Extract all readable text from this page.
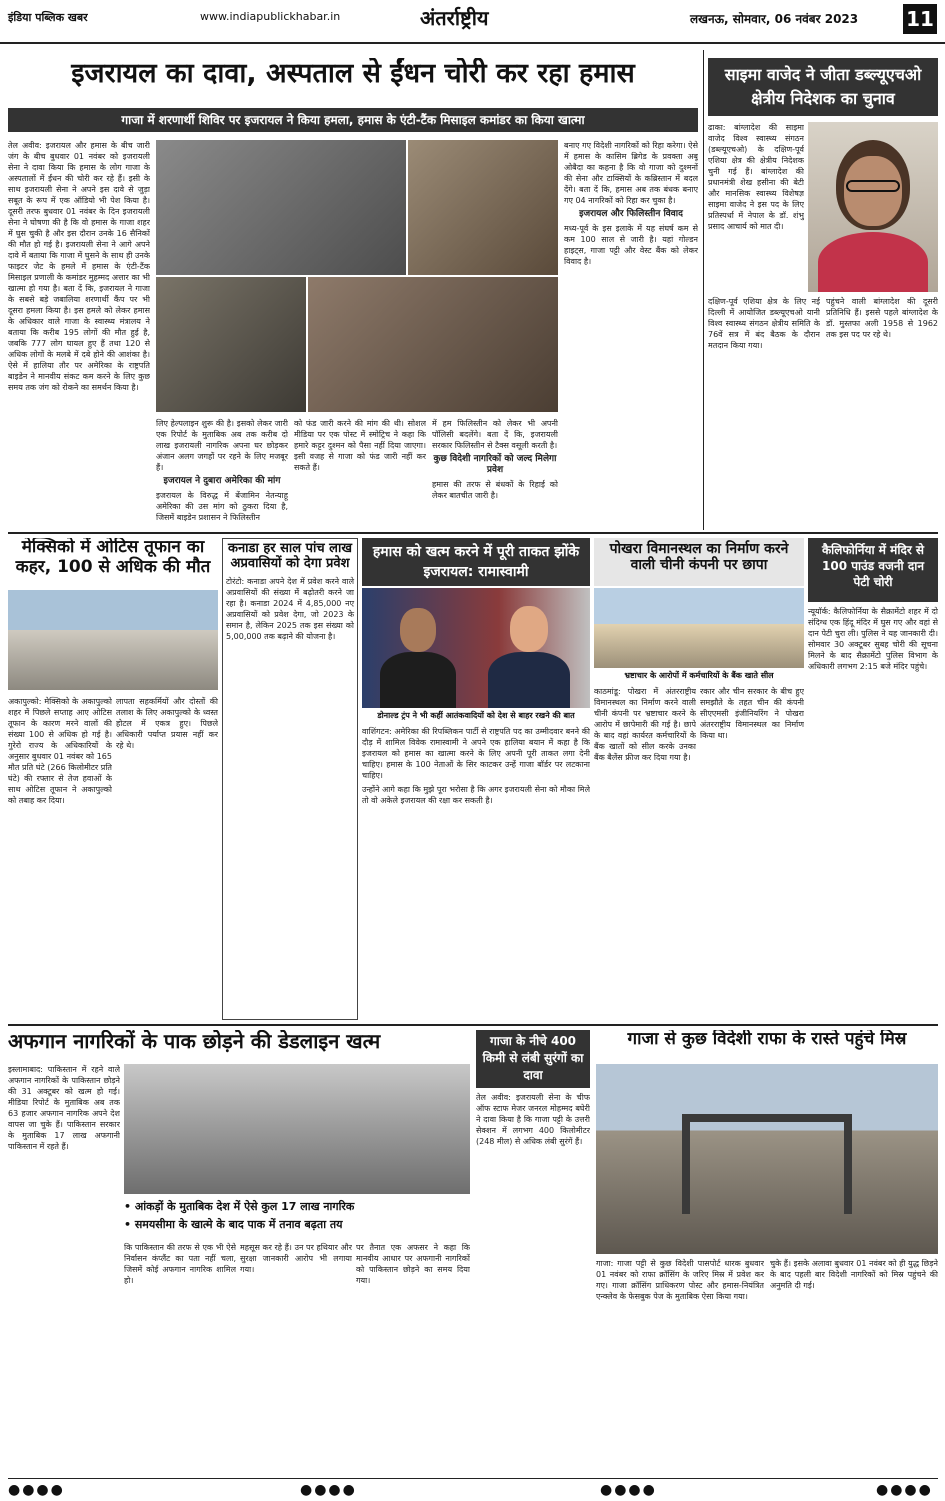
इंडिया पब्लिक खबर	www.indiapublickhabar.in	अंतर्राष्ट्रीय	लखनऊ, सोमवार, 06 नवंबर 2023 11
इजरायल का दावा, अस्पताल से ईंधन चोरी कर रहा हमास
गाजा में शरणार्थी शिविर पर इजरायल ने किया हमला, हमास के एंटी-टैंक मिसाइल कमांडर का किया खात्मा
तेल अवीव: इजरायल और हमास के बीच जारी जंग के बीच बुधवार 01 नवंबर को इजरायली सेना ने दावा किया कि हमास के लोग गाजा के अस्पतालों में ईंधन की चोरी कर रहे हैं। इसी के साथ इजरायली सेना ने अपने इस दावे से जुड़ा सबूत के रूप में एक ऑडियो भी पेश किया है। दूसरी तरफ बुधवार 01 नवंबर के दिन इजरायली सेना ने घोषणा की है कि वो हमास के गाजा शहर में घुस चुकी है और इस दौरान उनके 16 सैनिकों की मौत हो गई है। इजरायली सेना ने आगे अपने दावे में बताया कि गाजा में घुसने के साथ ही उनके फाइटर जेट के हमले में हमास के एंटी-टैंक मिसाइल प्रणाली के कमांडर मुहम्मद अत्तार का भी खात्मा हो गया है। बता दें कि, इजरायल ने गाजा के सबसे बड़े जबालिया शरणार्थी कैंप पर भी दूसरा हमला किया है। इस हमले को लेकर हमास के अधिकार वाले गाजा के स्वास्थ्य मंत्रालय ने बताया कि करीब 195 लोगों की मौत हुई है, जबकि 777 लोग घायल हुए हैं तथा 120 से अधिक लोगों के मलबे में दबे होने की आशंका है। ऐसे में हालिया तौर पर अमेरिका के राष्ट्रपति बाइडेन ने मानवीय संकट कम करने के लिए कुछ समय तक जंग को रोकने का समर्थन किया है।
लिए हेल्पलाइन शुरू की है। इसको लेकर जारी एक रिपोर्ट के मुताबिक अब तक करीब दो लाख इजरायली नागरिक अपना घर छोड़कर अंजान अलग जगहों पर रहने के लिए मजबूर हैं।
इजरायल ने दुबारा अमेरिका की मांग
इजरायल के विरुद्ध में बेंजामिन नेतन्याहू अमेरिका की उस मांग को ठुकरा दिया है, जिसमें बाइडेन प्रशासन ने फिलिस्तीन
को फंड जारी करने की मांग की थी। सोशल मीडिया पर एक पोस्ट में स्मोट्रिच ने कहा कि हमारे कट्टर दुश्मन को पैसा नहीं दिया जाएगा। इसी वजह से गाजा को फंड जारी नहीं कर सकते हैं।
में हम फिलिस्तीन को लेकर भी अपनी पॉलिसी बदलेंगे। बता दें कि, इजरायली सरकार फिलिस्तीन से टैक्स वसूली करती है।
कुछ विदेशी नागरिकों को जल्द मिलेगा प्रवेश
हमास की तरफ से बंधकों के रिहाई को लेकर बातचीत जारी है।
बनाए गए विदेशी नागरिकों को रिहा करेगा। ऐसे में हमास के कासिम ब्रिगेड के प्रवक्ता अबू ओबैदा का कहना है कि वो गाजा को दुश्मनों की सेना और टाक्सियों के कब्रिस्तान में बदल देंगे। बता दें कि, हमास अब तक बंधक बनाए गए 04 नागरिकों को रिहा कर चुका है।
इजरायल और फिलिस्तीन विवाद
मध्य-पूर्व के इस इलाके में यह संघर्ष कम से कम 100 साल से जारी है। यहां गोल्डन हाइट्स, गाजा पट्टी और वेस्ट बैंक को लेकर विवाद है।
साइमा वाजेद ने जीता डब्ल्यूएचओ क्षेत्रीय निदेशक का चुनाव
ढाका: बांग्लादेश की साइमा वाजेद विश्व स्वास्थ्य संगठन (डब्ल्यूएचओ) के दक्षिण-पूर्व एशिया क्षेत्र की क्षेत्रीय निदेशक चुनी गई हैं। बांग्लादेश की प्रधानमंत्री शेख हसीना की बेटी और मानसिक स्वास्थ्य विशेषज्ञ साइमा वाजेद ने इस पद के लिए प्रतिस्पर्धा में नेपाल के डॉ. शंभु प्रसाद आचार्य को मात दी।
दक्षिण-पूर्व एशिया क्षेत्र के लिए नई दिल्ली में आयोजित डब्ल्यूएचओ यानी विश्व स्वास्थ्य संगठन क्षेत्रीय समिति के 76वें सत्र में बंद बैठक के दौरान मतदान किया गया।
पहुंचने वाली बांग्लादेश की दूसरी प्रतिनिधि हैं। इससे पहले बांग्लादेश के डॉ. मुस्तफा अली 1958 से 1962 तक इस पद पर रहे थे।
मेक्सिको में ओटिस तूफान का कहर, 100 से अधिक की मौत
अकापुल्को: मेक्सिको के अकापुल्को शहर में पिछले सप्ताह आए ओटिस तूफान के कारण मरने वालों की संख्या 100 से अधिक हो गई है। गुरेरो राज्य के अधिकारियों के अनुसार बुधवार 01 नवंबर को 165 मौत प्रति घंटे (266 किलोमीटर प्रति घंटे) की रफ्तार से तेज हवाओं के साथ ओटिस तूफान ने अकापुल्को को तबाह कर दिया।
लापता सहकर्मियों और दोस्तों की तलाश के लिए अकापुल्को के ध्वस्त होटल में एकत्र हुए। पिछले अधिकारी पर्याप्त प्रयास नहीं कर रहे थे।
कनाडा हर साल पांच लाख अप्रवासियों को देगा प्रवेश
टोरंटो: कनाडा अपने देश में प्रवेश करने वाले अप्रवासियों की संख्या में बढ़ोतरी करने जा रहा है। कनाडा 2024 में 4,85,000 नए अप्रवासियों को प्रवेश देगा, जो 2023 के समान है, लेकिन 2025 तक इस संख्या को 5,00,000 तक बढ़ाने की योजना है।
हमास को खत्म करने में पूरी ताकत झोंके इजरायल: रामास्वामी
डोनाल्ड ट्रंप ने भी कहीं आतंकवादियों को देश से बाहर रखने की बात
वाशिंगटन: अमेरिका की रिपब्लिकन पार्टी से राष्ट्रपति पद का उम्मीदवार बनने की दौड़ में शामिल विवेक रामास्वामी ने अपने एक हालिया बयान में कहा है कि इजरायल को हमास का खात्मा करने के लिए अपनी पूरी ताकत लगा देनी चाहिए। हमास के 100 नेताओं के सिर काटकर उन्हें गाजा बॉर्डर पर लटकाना चाहिए।
उन्होंने आगे कहा कि मुझे पूरा भरोसा है कि अगर इजरायली सेना को मौका मिले तो वो अकेले इजरायल की रक्षा कर सकती है।
पोखरा विमानस्थल का निर्माण करने वाली चीनी कंपनी पर छापा
भ्रष्टाचार के आरोपों में कर्मचारियों के बैंक खाते सील
काठमांडू: पोखरा में अंतरराष्ट्रीय विमानस्थल का निर्माण करने वाली चीनी कंपनी पर भ्रष्टाचार करने के आरोप में छापेमारी की गई है। छापे के बाद वहां कार्यरत कर्मचारियों के बैंक खातों को सील करके उनका बैंक बैलेंस फ्रीज कर दिया गया है।
रकार और चीन सरकार के बीच हुए समझौते के तहत चीन की कंपनी सीएएमसी इंजीनियरिंग ने पोखरा अंतरराष्ट्रीय विमानस्थल का निर्माण किया था।
कैलिफोर्निया में मंदिर से 100 पाउंड वजनी दान पेटी चोरी
न्यूयॉर्क: कैलिफोर्निया के सैक्रामेंटो शहर में दो संदिग्ध एक हिंदू मंदिर में घुस गए और वहां से दान पेटी चुरा ली। पुलिस ने यह जानकारी दी। सोमवार 30 अक्टूबर सुबह चोरी की सूचना मिलने के बाद सैक्रामेंटो पुलिस विभाग के अधिकारी लगभग 2:15 बजे मंदिर पहुंचे।
अफगान नागरिकों के पाक छोड़ने की डेडलाइन खत्म
इस्लामाबाद: पाकिस्तान में रहने वाले अफगान नागरिकों के पाकिस्तान छोड़ने की 31 अक्टूबर को खत्म हो गई। मीडिया रिपोर्ट के मुताबिक अब तक 63 हजार अफगान नागरिक अपने देश वापस जा चुके हैं। पाकिस्तान सरकार के मुताबिक 17 लाख अफगानी पाकिस्तान में रहते हैं।
• आंकड़ों के मुताबिक देश में ऐसे कुल 17 लाख नागरिक
• समयसीमा के खात्मे के बाद पाक में तनाव बढ़ता तय
कि पाकिस्तान की तरफ से एक भी ऐसे निर्वासन कंप्लैंट का पता नहीं चला, जिसमें कोई अफगान नागरिक शामिल हो।
महसूस कर रहे हैं। उन पर हथियार और सुरक्षा जानकारी आरोप भी लगाया गया।
पर तैनात एक अफसर ने कहा कि मानवीय आधार पर अफगानी नागरिकों को पाकिस्तान छोड़ने का समय दिया गया।
गाजा के नीचे 400 किमी से लंबी सुरंगों का दावा
तेल अवीव: इजरायली सेना के चीफ ऑफ स्टाफ मेजर जनरल मोहम्मद बघेरी ने दावा किया है कि गाजा पट्टी के उत्तरी सेक्शन में लगभग 400 किलोमीटर (248 मील) से अधिक लंबी सुरंगें हैं।
गाजा से कुछ विदेशी राफा के रास्ते पहुंचे मिस्र
गाजा: गाजा पट्टी से कुछ विदेशी पासपोर्ट धारक बुधवार 01 नवंबर को राफा क्रॉसिंग के जरिए मिस्र में प्रवेश कर गए। गाजा क्रॉसिंग प्राधिकरण पोस्ट और हमास-नियंत्रित एन्क्लेव के फेसबुक पेज के मुताबिक ऐसा किया गया।
चुके हैं। इसके अलावा बुधवार 01 नवंबर को ही युद्ध छिड़ने के बाद पहली बार विदेशी नागरिकों को मिस्र पहुंचने की अनुमति दी गई।
●●●●	●●●●	●●●●	●●●●
